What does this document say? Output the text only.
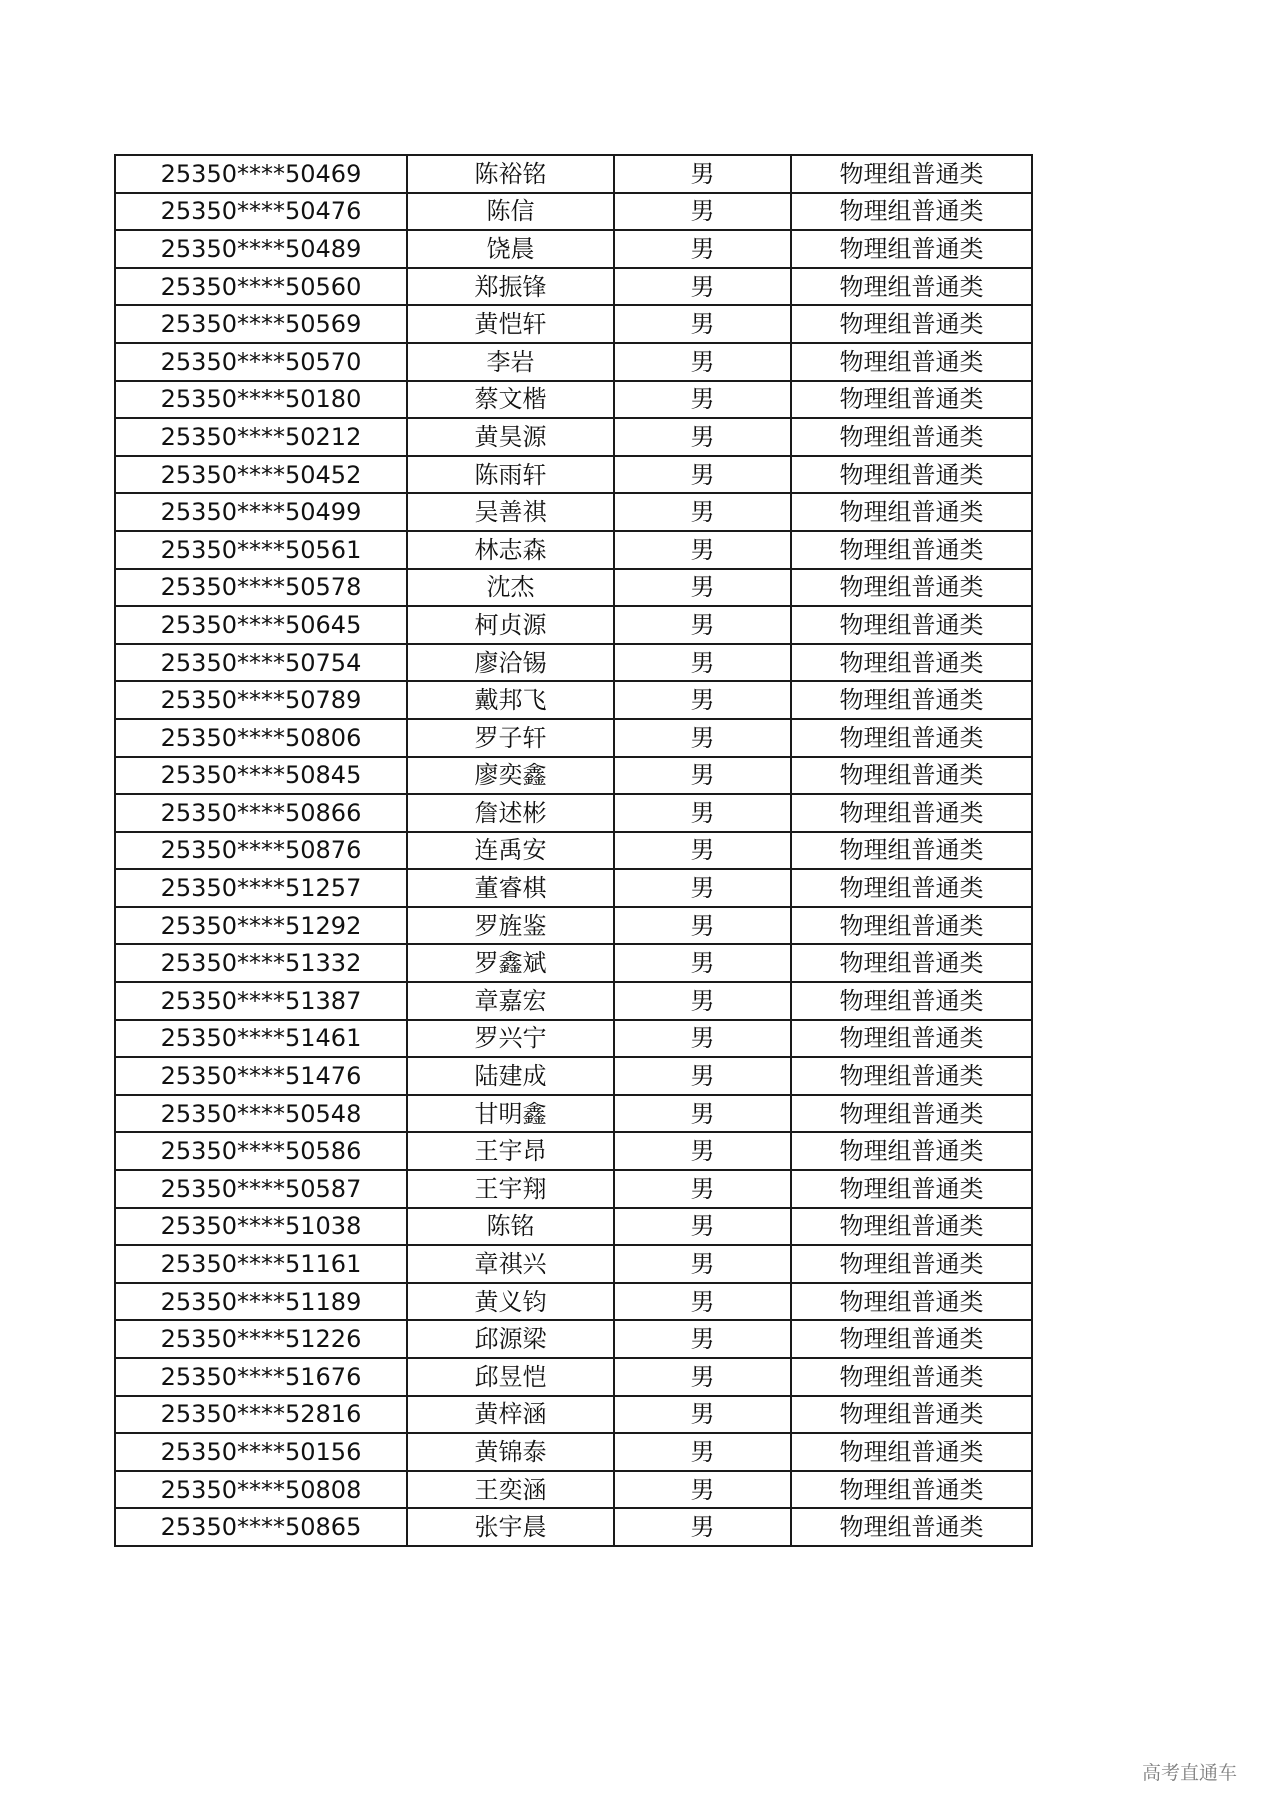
25350****50469	陈裕铭	男	物理组普通类
25350****50476	陈信	男	物理组普通类
25350****50489	饶晨	男	物理组普通类
25350****50560	郑振锋	男	物理组普通类
25350****50569	黄恺轩	男	物理组普通类
25350****50570	李岩	男	物理组普通类
25350****50180	蔡文楷	男	物理组普通类
25350****50212	黄昊源	男	物理组普通类
25350****50452	陈雨轩	男	物理组普通类
25350****50499	吴善祺	男	物理组普通类
25350****50561	林志森	男	物理组普通类
25350****50578	沈杰	男	物理组普通类
25350****50645	柯贞源	男	物理组普通类
25350****50754	廖洽锡	男	物理组普通类
25350****50789	戴邦飞	男	物理组普通类
25350****50806	罗子轩	男	物理组普通类
25350****50845	廖奕鑫	男	物理组普通类
25350****50866	詹述彬	男	物理组普通类
25350****50876	连禹安	男	物理组普通类
25350****51257	董睿棋	男	物理组普通类
25350****51292	罗旌鉴	男	物理组普通类
25350****51332	罗鑫斌	男	物理组普通类
25350****51387	章嘉宏	男	物理组普通类
25350****51461	罗兴宁	男	物理组普通类
25350****51476	陆建成	男	物理组普通类
25350****50548	甘明鑫	男	物理组普通类
25350****50586	王宇昂	男	物理组普通类
25350****50587	王宇翔	男	物理组普通类
25350****51038	陈铭	男	物理组普通类
25350****51161	章祺兴	男	物理组普通类
25350****51189	黄义钧	男	物理组普通类
25350****51226	邱源梁	男	物理组普通类
25350****51676	邱昱恺	男	物理组普通类
25350****52816	黄梓涵	男	物理组普通类
25350****50156	黄锦泰	男	物理组普通类
25350****50808	王奕涵	男	物理组普通类
25350****50865	张宇晨	男	物理组普通类
高考直通车
